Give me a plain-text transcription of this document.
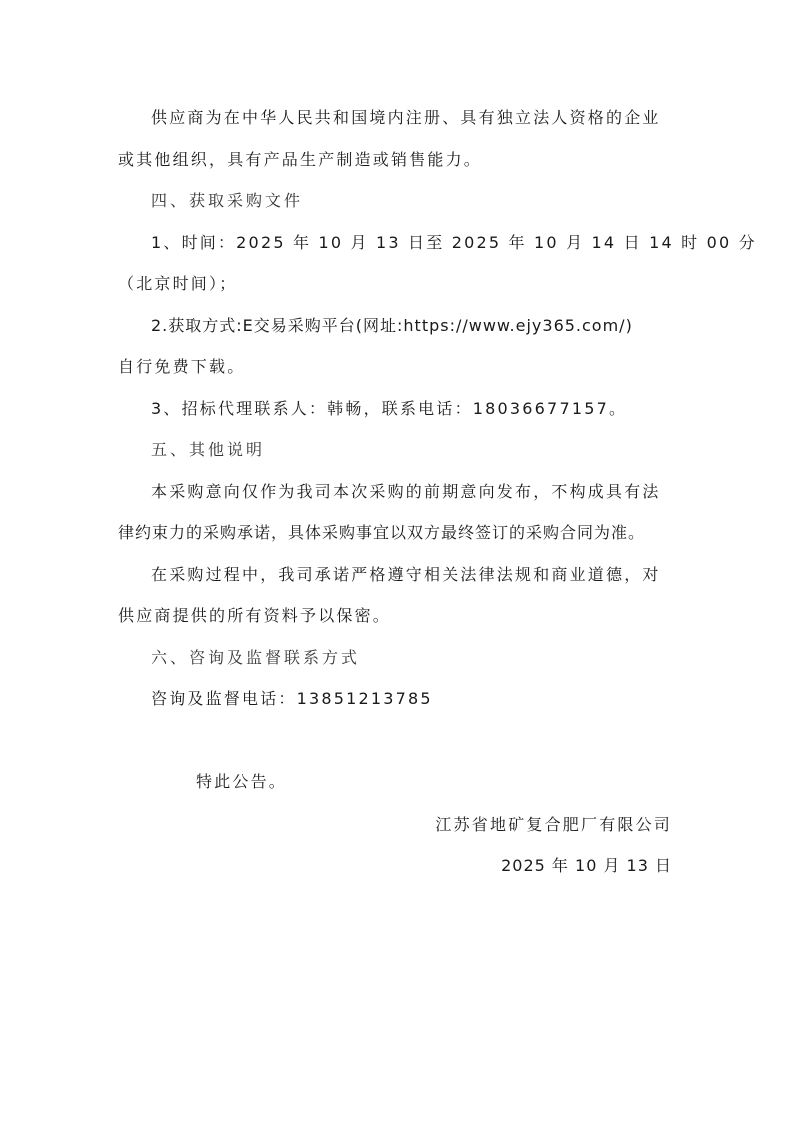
供应商为在中华人民共和国境内注册、具有独立法人资格的企业
或其他组织，具有产品生产制造或销售能力。
四、获取采购文件
1、时间：2025 年 10 月 13 日至 2025 年 10 月 14 日 14 时 00 分
（北京时间）；
2.获取方式:E交易采购平台(网址:https://www.ejy365.com/)
自行免费下载。
3、招标代理联系人：韩畅，联系电话：18036677157。
五、其他说明
本采购意向仅作为我司本次采购的前期意向发布，不构成具有法
律约束力的采购承诺，具体采购事宜以双方最终签订的采购合同为准。
在采购过程中，我司承诺严格遵守相关法律法规和商业道德，对
供应商提供的所有资料予以保密。
六、咨询及监督联系方式
咨询及监督电话：13851213785
特此公告。
江苏省地矿复合肥厂有限公司
2025 年 10 月 13 日
